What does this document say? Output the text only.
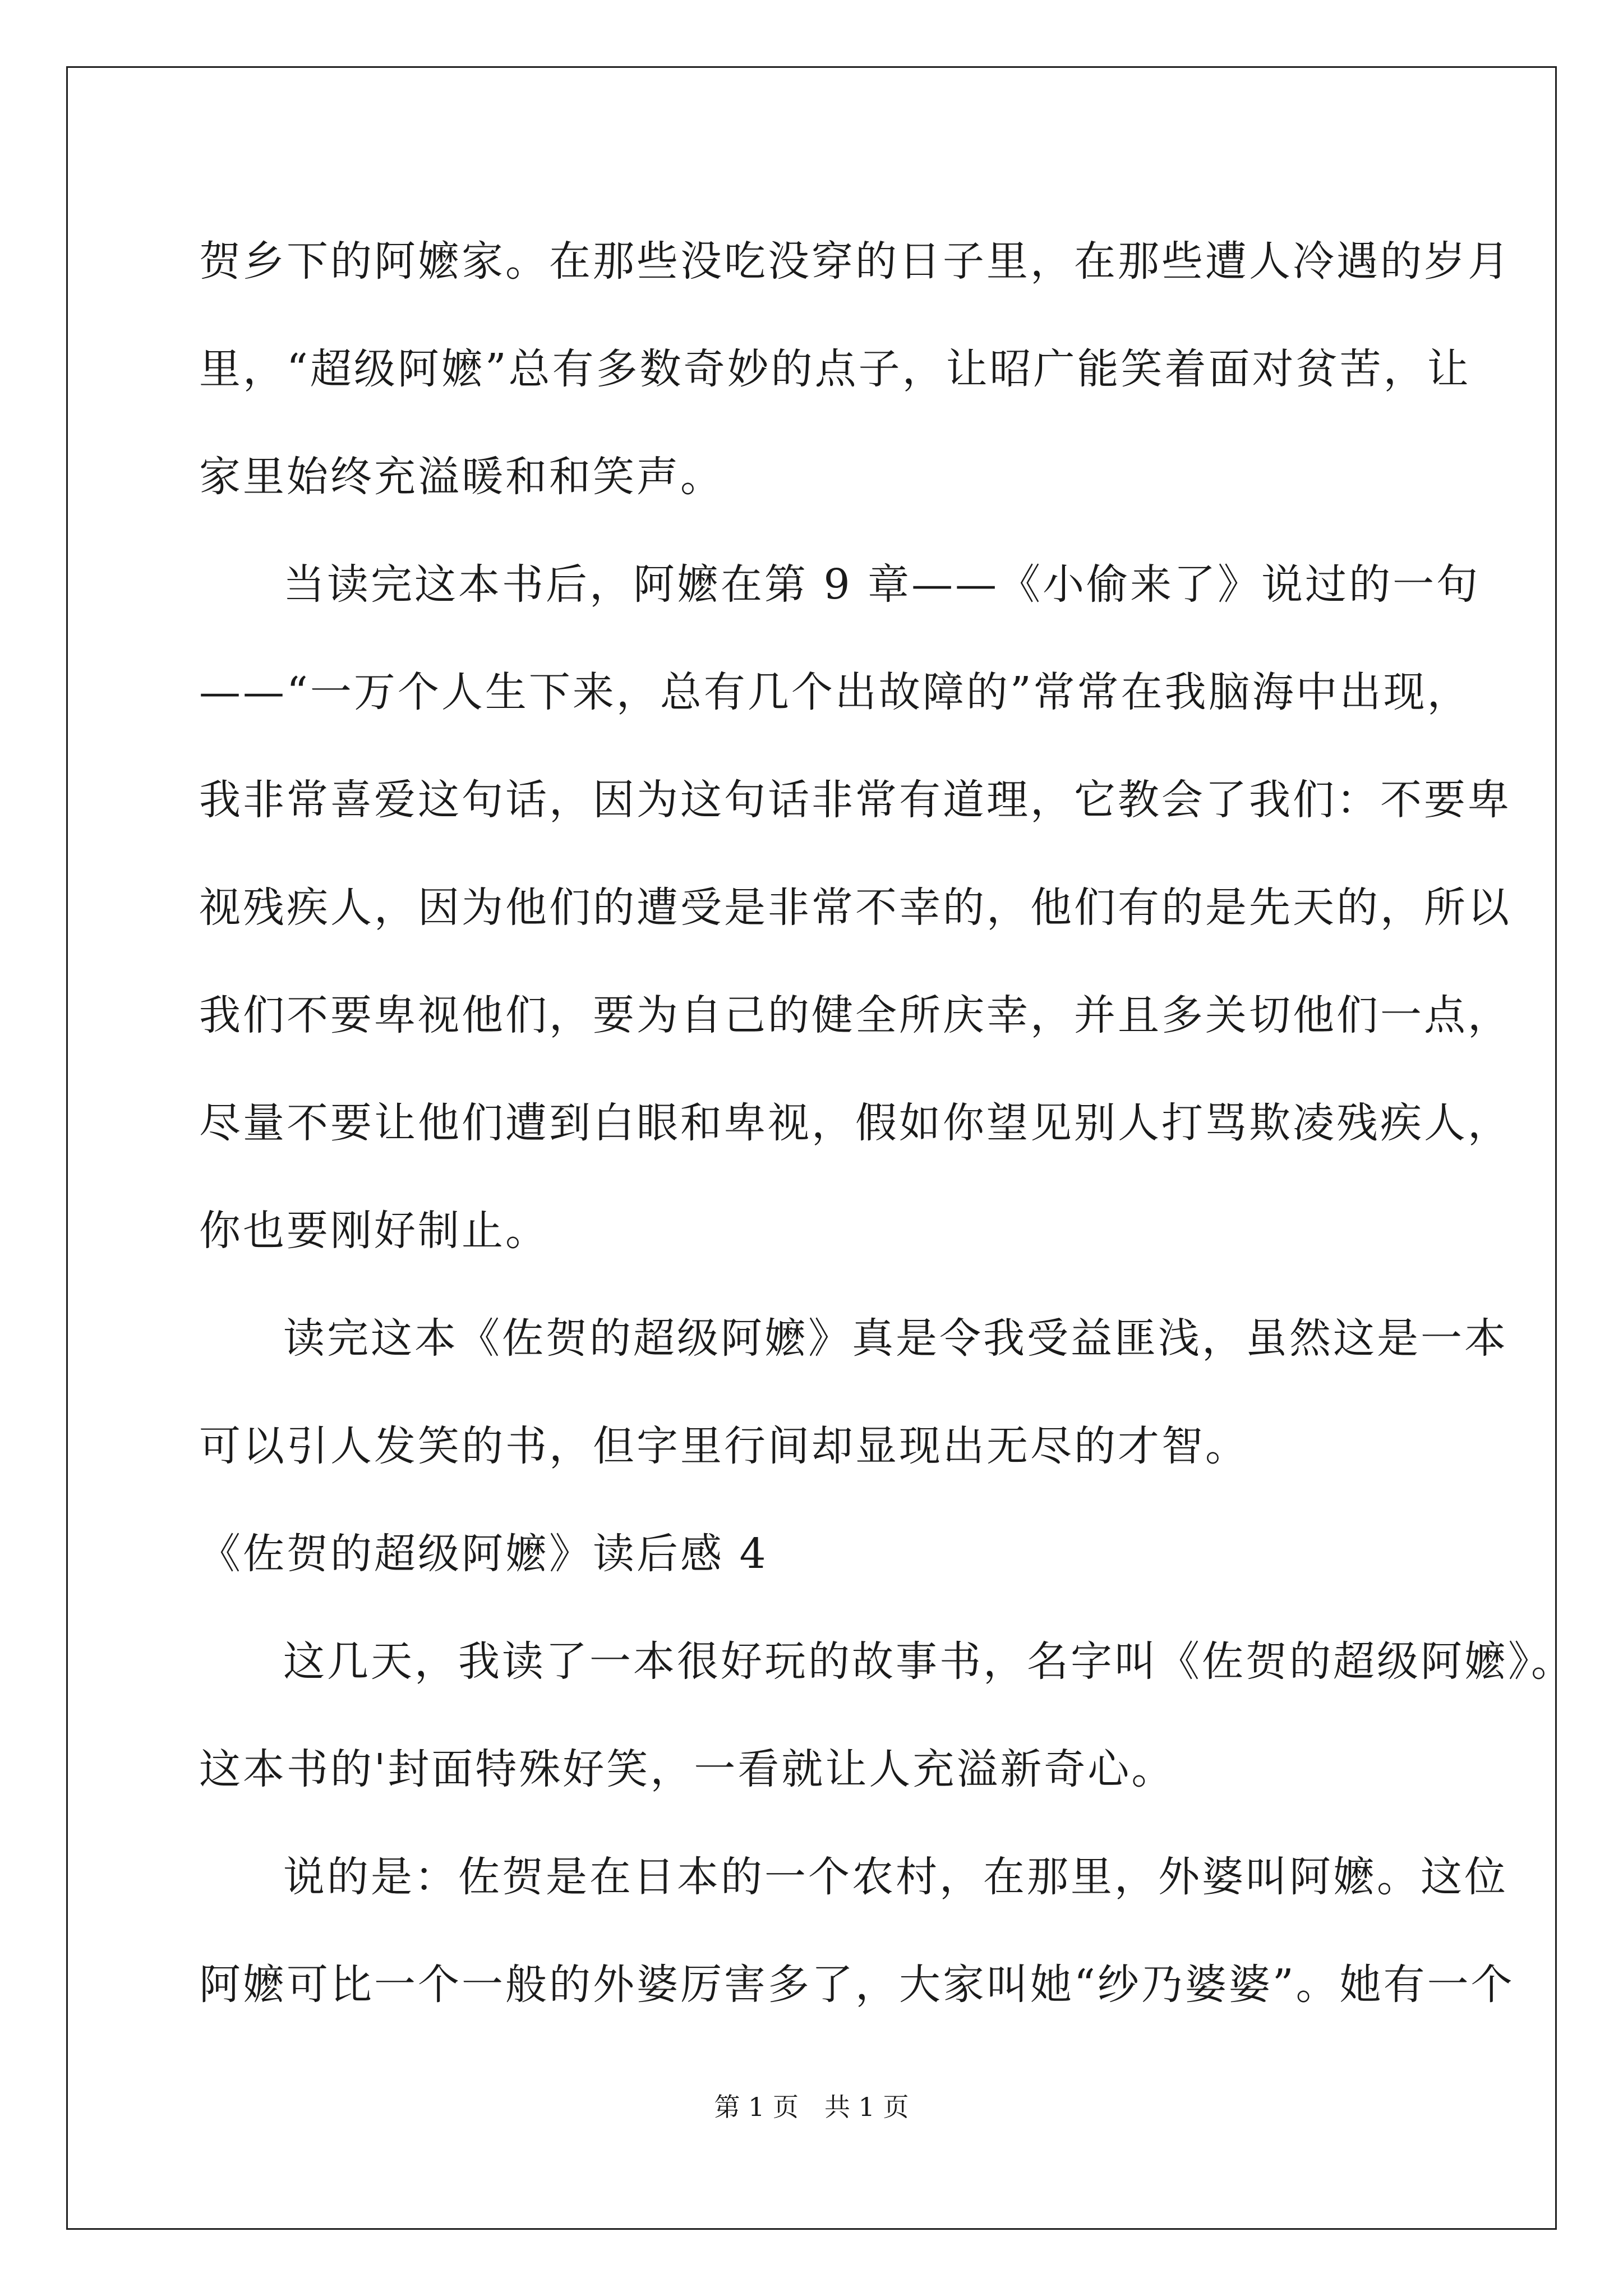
贺乡下的阿嬷家。在那些没吃没穿的日子里，在那些遭人冷遇的岁月
里，“超级阿嬷”总有多数奇妙的点子，让昭广能笑着面对贫苦，让
家里始终充溢暖和和笑声。
当读完这本书后，阿嬷在第 9 章——《小偷来了》说过的一句
——“一万个人生下来，总有几个出故障的”常常在我脑海中出现，
我非常喜爱这句话，因为这句话非常有道理，它教会了我们：不要卑
视残疾人，因为他们的遭受是非常不幸的，他们有的是先天的，所以
我们不要卑视他们，要为自己的健全所庆幸，并且多关切他们一点，
尽量不要让他们遭到白眼和卑视，假如你望见别人打骂欺凌残疾人，
你也要刚好制止。
读完这本《佐贺的超级阿嬷》真是令我受益匪浅，虽然这是一本
可以引人发笑的书，但字里行间却显现出无尽的才智。
《佐贺的超级阿嬷》读后感 4
这几天，我读了一本很好玩的故事书，名字叫《佐贺的超级阿嬷》。
这本书的'封面特殊好笑，一看就让人充溢新奇心。
说的是：佐贺是在日本的一个农村，在那里，外婆叫阿嬷。这位
阿嬷可比一个一般的外婆厉害多了，大家叫她“纱乃婆婆”。她有一个
第 1 页　共 1 页
